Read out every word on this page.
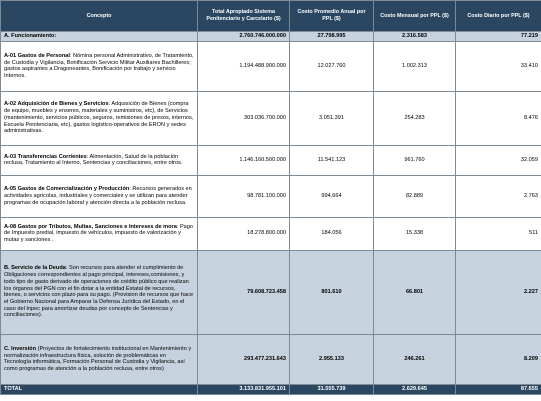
Concepto	Total Apropiado Sistema Penitenciario y Carcelario ($)	Costo Promedio Anual por PPL ($)	Costo Mensual por PPL ($)	Costo Diario por PPL ($)
A. Funcionamiento:	2.760.746.000.000	27.798.995	2.316.583	77.219
A-01 Gastos de Personal: Nómina personal Administrativo, de Tratamiento, de Custodia y Vigilancia, Bonificación Servicio Militar Auxiliares Bachilleres; gastos aspirantes a Dragoneantes, Bonificación por trabajo y servicio Internos.	1.194.488.900.000	12.027.760	1.002.313	33.410
A-02 Adquisición de Bienes y Servicios: Adquisición de Bienes (compra de equipo, muebles y enseres, materiales y suministros, etc), de Servicios (mantenimiento, servicios públicos, seguros, remisiones de presos, internos, Escuela Penitenciaria, etc), gastos logístico-operativos de ERON y sedes administrativas.	303.036.700.000	3.051.391	254.283	8.476
A-03 Transferencias Corrientes: Alimentación, Salud de la población reclusa, Tratamiento al Interno, Sentencias y conciliaciones, entre otros.	1.146.160.500.000	11.541.123	961.760	32.059
A-05 Gastos de Comercialización y Producción: Recursos generados en actividades agrícolas, industriales y comerciales y se utilizan para atender programas de ocupación laboral y atención directa a la población reclusa.	98.781.100.000	994.664	82.889	2.763
A-08 Gastos por Tributos, Multas, Sanciones e Intereses de mora: Pago de Impuesto predial, impuesto de vehículos, impuesto de valorización y mutas y sanciones .	18.278.800.000	184.056	15.338	511
B. Servicio de la Deuda: Son recursos para atender el cumplimiento de Obligaciones correspondientes al pago principal, intereses,comisiones, y todo tipo de gasto derivado de operaciones de crédito público que realizan los órganos del PGN con el fin dotar a la entidad Estatal de recursos, bienes, o servicios con plazo para su pago. (Provision de recursos que hace el Gobierno Nacional para Amparar la Defensa Jurídica del Estado, en el caso del Inpec para amortizar deudas por concepto de Sentencias y conciliaciones).	79.608.723.458	801.610	66.801	2.227
C. Inversión (Proyectos de fortalecimiento institucional en Mantenimiento y normalización infraestructura física, solución de problemáticas en Tecnología informática, Formación Personal de Custodia y Vigilancia, así como programas de atención a la población reclusa, entre otros)	293.477.231.643	2.955.133	246.261	8.209
TOTAL	3.133.831.955.101	31.555.739	2.629.645	87.655
